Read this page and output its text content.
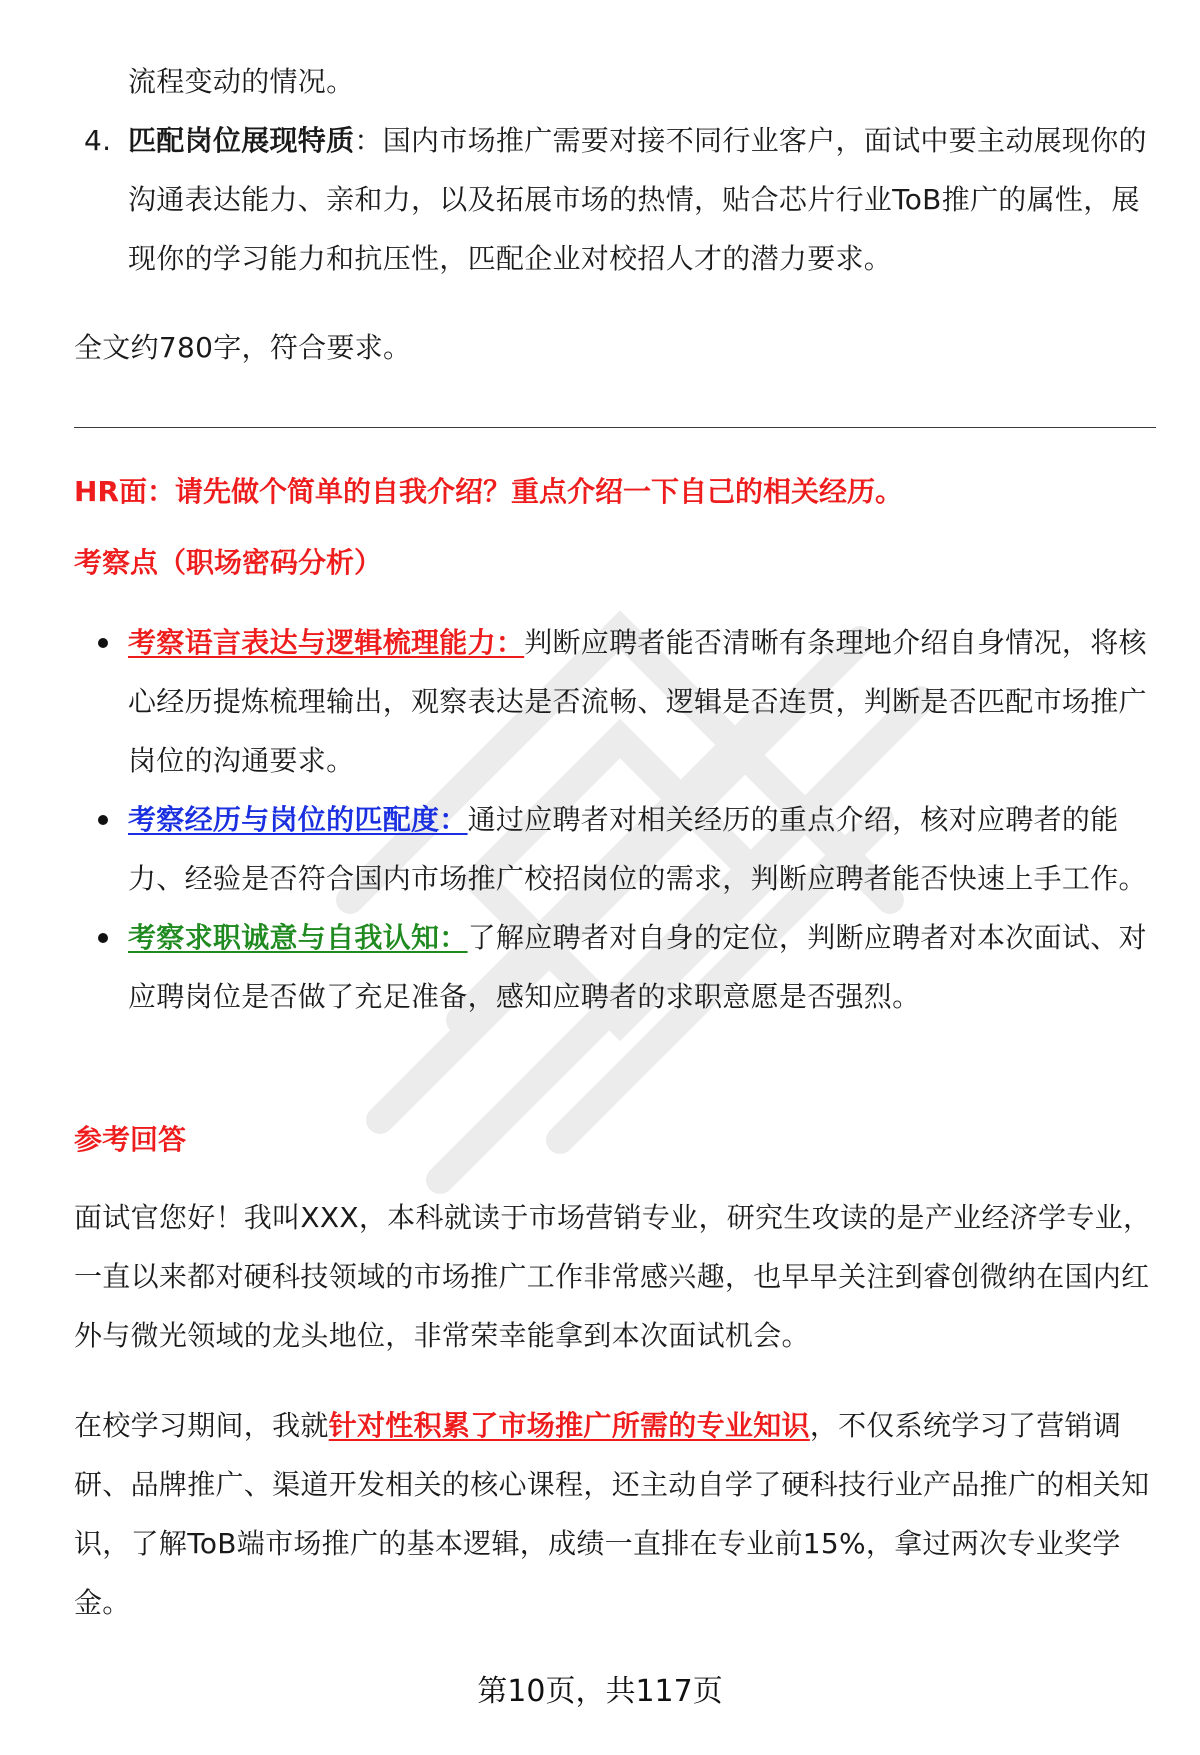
流程变动的情况。

4. 匹配岗位展现特质：国内市场推广需要对接不同行业客户，面试中要主动展现你的沟通表达能力、亲和力，以及拓展市场的热情，贴合芯片行业ToB推广的属性，展现你的学习能力和抗压性，匹配企业对校招人才的潜力要求。

全文约780字，符合要求。

HR面：请先做个简单的自我介绍？重点介绍一下自己的相关经历。
考察点（职场密码分析）
考察语言表达与逻辑梳理能力：判断应聘者能否清晰有条理地介绍自身情况，将核心经历提炼梳理输出，观察表达是否流畅、逻辑是否连贯，判断是否匹配市场推广岗位的沟通要求。
考察经历与岗位的匹配度：通过应聘者对相关经历的重点介绍，核对应聘者的能力、经验是否符合国内市场推广校招岗位的需求，判断应聘者能否快速上手工作。
考察求职诚意与自我认知：了解应聘者对自身的定位，判断应聘者对本次面试、对应聘岗位是否做了充足准备，感知应聘者的求职意愿是否强烈。
参考回答

面试官您好！我叫XXX，本科就读于市场营销专业，研究生攻读的是产业经济学专业，一直以来都对硬科技领域的市场推广工作非常感兴趣，也早早关注到睿创微纳在国内红外与微光领域的龙头地位，非常荣幸能拿到本次面试机会。

在校学习期间，我就针对性积累了市场推广所需的专业知识，不仅系统学习了营销调研、品牌推广、渠道开发相关的核心课程，还主动自学了硬科技行业产品推广的相关知识，了解ToB端市场推广的基本逻辑，成绩一直排在专业前15%，拿过两次专业奖学金。

第10页，共117页
